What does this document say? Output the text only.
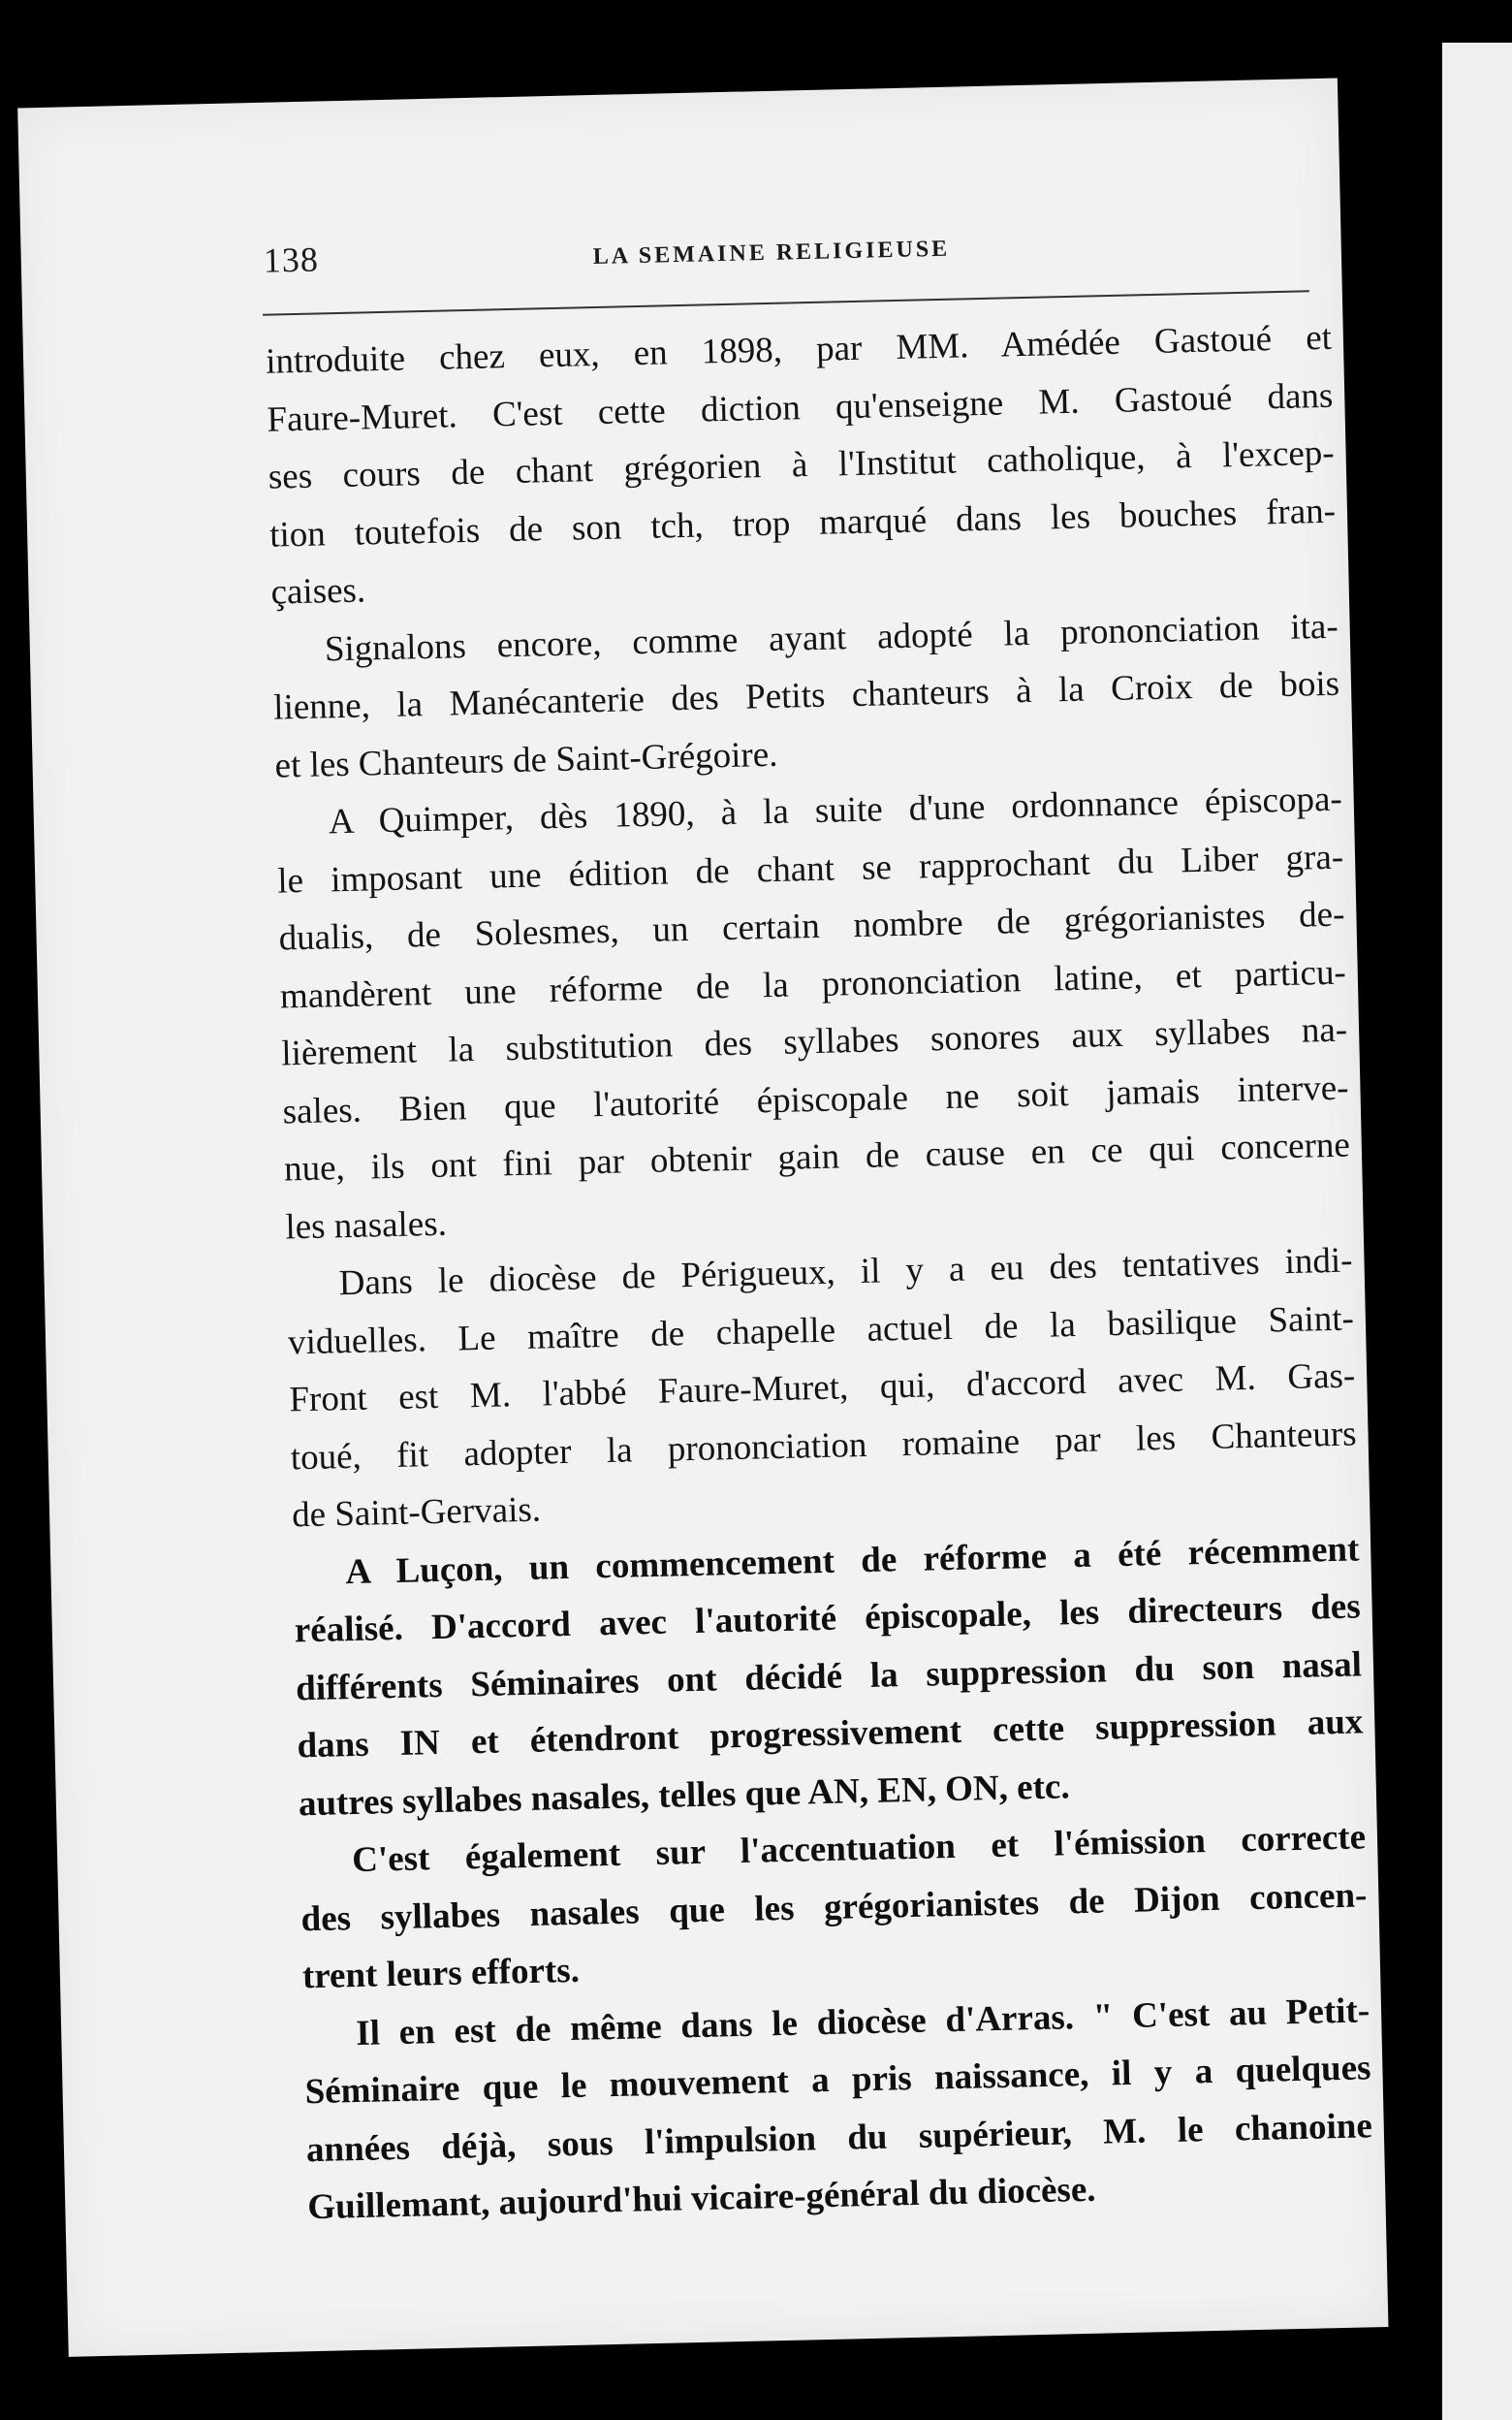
138	LA SEMAINE RELIGIEUSE
introduite chez eux, en 1898, par MM. Amédée Gastoué et
Faure-Muret. C'est cette diction qu'enseigne M. Gastoué dans
ses cours de chant grégorien à l'Institut catholique, à l'excep-
tion toutefois de son tch, trop marqué dans les bouches fran-
çaises.
Signalons encore, comme ayant adopté la prononciation ita-
lienne, la Manécanterie des Petits chanteurs à la Croix de bois
et les Chanteurs de Saint-Grégoire.
A Quimper, dès 1890, à la suite d'une ordonnance épiscopa-
le imposant une édition de chant se rapprochant du Liber gra-
dualis, de Solesmes, un certain nombre de grégorianistes de-
mandèrent une réforme de la prononciation latine, et particu-
lièrement la substitution des syllabes sonores aux syllabes na-
sales. Bien que l'autorité épiscopale ne soit jamais interve-
nue, ils ont fini par obtenir gain de cause en ce qui concerne
les nasales.
Dans le diocèse de Périgueux, il y a eu des tentatives indi-
viduelles. Le maître de chapelle actuel de la basilique Saint-
Front est M. l'abbé Faure-Muret, qui, d'accord avec M. Gas-
toué, fit adopter la prononciation romaine par les Chanteurs
de Saint-Gervais.
A Luçon, un commencement de réforme a été récemment
réalisé. D'accord avec l'autorité épiscopale, les directeurs des
différents Séminaires ont décidé la suppression du son nasal
dans IN et étendront progressivement cette suppression aux
autres syllabes nasales, telles que AN, EN, ON, etc.
C'est également sur l'accentuation et l'émission correcte
des syllabes nasales que les grégorianistes de Dijon concen-
trent leurs efforts.
Il en est de même dans le diocèse d'Arras. " C'est au Petit-
Séminaire que le mouvement a pris naissance, il y a quelques
années déjà, sous l'impulsion du supérieur, M. le chanoine
Guillemant, aujourd'hui vicaire-général du diocèse.
